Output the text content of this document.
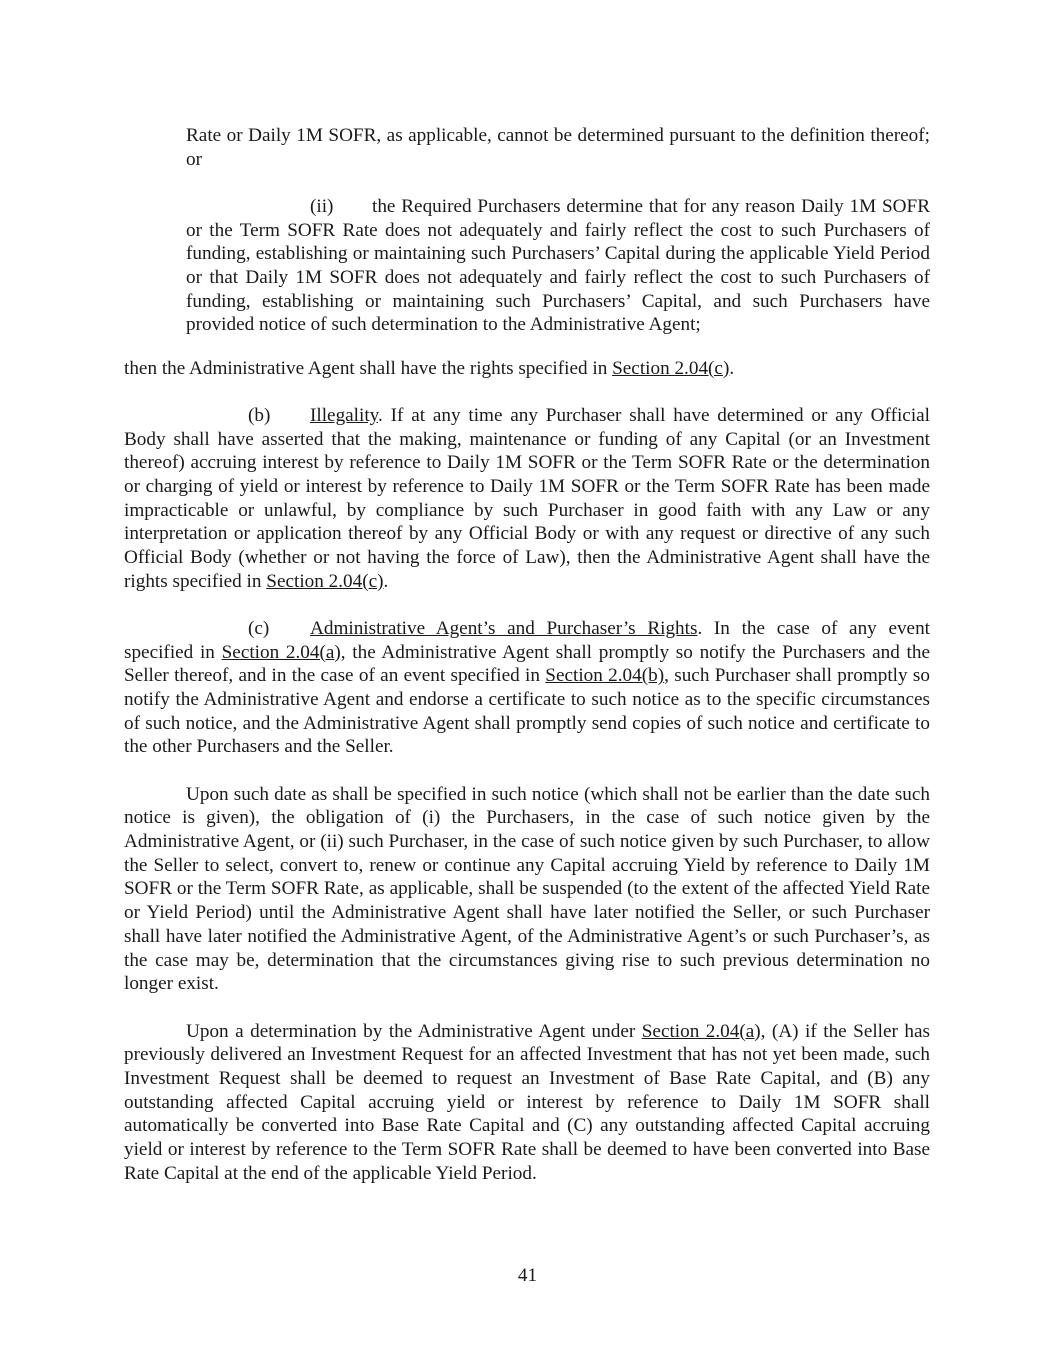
Rate or Daily 1M SOFR, as applicable, cannot be determined pursuant to the definition thereof; or

(ii) the Required Purchasers determine that for any reason Daily 1M SOFR or the Term SOFR Rate does not adequately and fairly reflect the cost to such Purchasers of funding, establishing or maintaining such Purchasers’ Capital during the applicable Yield Period or that Daily 1M SOFR does not adequately and fairly reflect the cost to such Purchasers of funding, establishing or maintaining such Purchasers’ Capital, and such Purchasers have provided notice of such determination to the Administrative Agent;

then the Administrative Agent shall have the rights specified in Section 2.04(c).

(b) Illegality. If at any time any Purchaser shall have determined or any Official Body shall have asserted that the making, maintenance or funding of any Capital (or an Investment thereof) accruing interest by reference to Daily 1M SOFR or the Term SOFR Rate or the determination or charging of yield or interest by reference to Daily 1M SOFR or the Term SOFR Rate has been made impracticable or unlawful, by compliance by such Purchaser in good faith with any Law or any interpretation or application thereof by any Official Body or with any request or directive of any such Official Body (whether or not having the force of Law), then the Administrative Agent shall have the rights specified in Section 2.04(c).

(c) Administrative Agent’s and Purchaser’s Rights. In the case of any event specified in Section 2.04(a), the Administrative Agent shall promptly so notify the Purchasers and the Seller thereof, and in the case of an event specified in Section 2.04(b), such Purchaser shall promptly so notify the Administrative Agent and endorse a certificate to such notice as to the specific circumstances of such notice, and the Administrative Agent shall promptly send copies of such notice and certificate to the other Purchasers and the Seller.

Upon such date as shall be specified in such notice (which shall not be earlier than the date such notice is given), the obligation of (i) the Purchasers, in the case of such notice given by the Administrative Agent, or (ii) such Purchaser, in the case of such notice given by such Purchaser, to allow the Seller to select, convert to, renew or continue any Capital accruing Yield by reference to Daily 1M SOFR or the Term SOFR Rate, as applicable, shall be suspended (to the extent of the affected Yield Rate or Yield Period) until the Administrative Agent shall have later notified the Seller, or such Purchaser shall have later notified the Administrative Agent, of the Administrative Agent’s or such Purchaser’s, as the case may be, determination that the circumstances giving rise to such previous determination no longer exist.

Upon a determination by the Administrative Agent under Section 2.04(a), (A) if the Seller has previously delivered an Investment Request for an affected Investment that has not yet been made, such Investment Request shall be deemed to request an Investment of Base Rate Capital, and (B) any outstanding affected Capital accruing yield or interest by reference to Daily 1M SOFR shall automatically be converted into Base Rate Capital and (C) any outstanding affected Capital accruing yield or interest by reference to the Term SOFR Rate shall be deemed to have been converted into Base Rate Capital at the end of the applicable Yield Period.

41
